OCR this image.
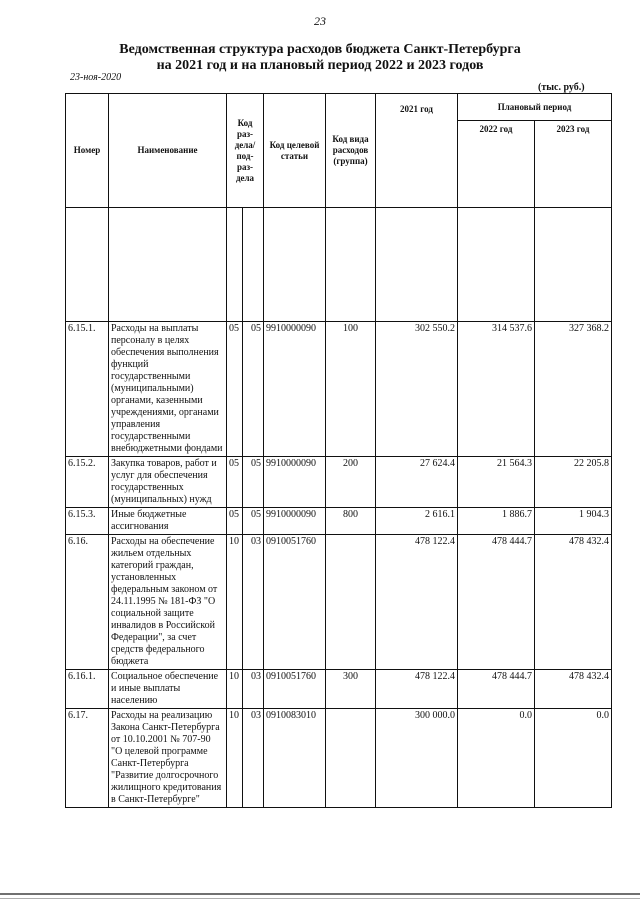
23
Ведомственная структура расходов бюджета Санкт-Петербурга
на 2021 год и на плановый период 2022 и 2023 годов
23-ноя-2020
(тыс. руб.)
Номер	Наименование	Код раз-дела/ под-раз-дела		Код целевой статьи	Код вида расходов (группа)	2021 год	Плановый период	
							2022 год	2023 год

6.15.1.	Расходы на выплаты персоналу в целях обеспечения выполнения функций государственными (муниципальными) органами, казенными учреждениями, органами управления государственными внебюджетными фондами	05	05	9910000090	100	302 550.2	314 537.6	327 368.2
6.15.2.	Закупка товаров, работ и услуг для обеспечения государственных (муниципальных) нужд	05	05	9910000090	200	27 624.4	21 564.3	22 205.8
6.15.3.	Иные бюджетные ассигнования	05	05	9910000090	800	2 616.1	1 886.7	1 904.3
6.16.	Расходы на обеспечение жильем отдельных категорий граждан, установленных федеральным законом от 24.11.1995 № 181-ФЗ "О социальной защите инвалидов в Российской Федерации", за счет средств федерального бюджета	10	03	0910051760		478 122.4	478 444.7	478 432.4
6.16.1.	Социальное обеспечение и иные выплаты населению	10	03	0910051760	300	478 122.4	478 444.7	478 432.4
6.17.	Расходы на реализацию Закона Санкт-Петербурга от 10.10.2001 № 707-90 "О целевой программе Санкт-Петербурга "Развитие долгосрочного жилищного кредитования в Санкт-Петербурге"	10	03	0910083010		300 000.0	0.0	0.0
